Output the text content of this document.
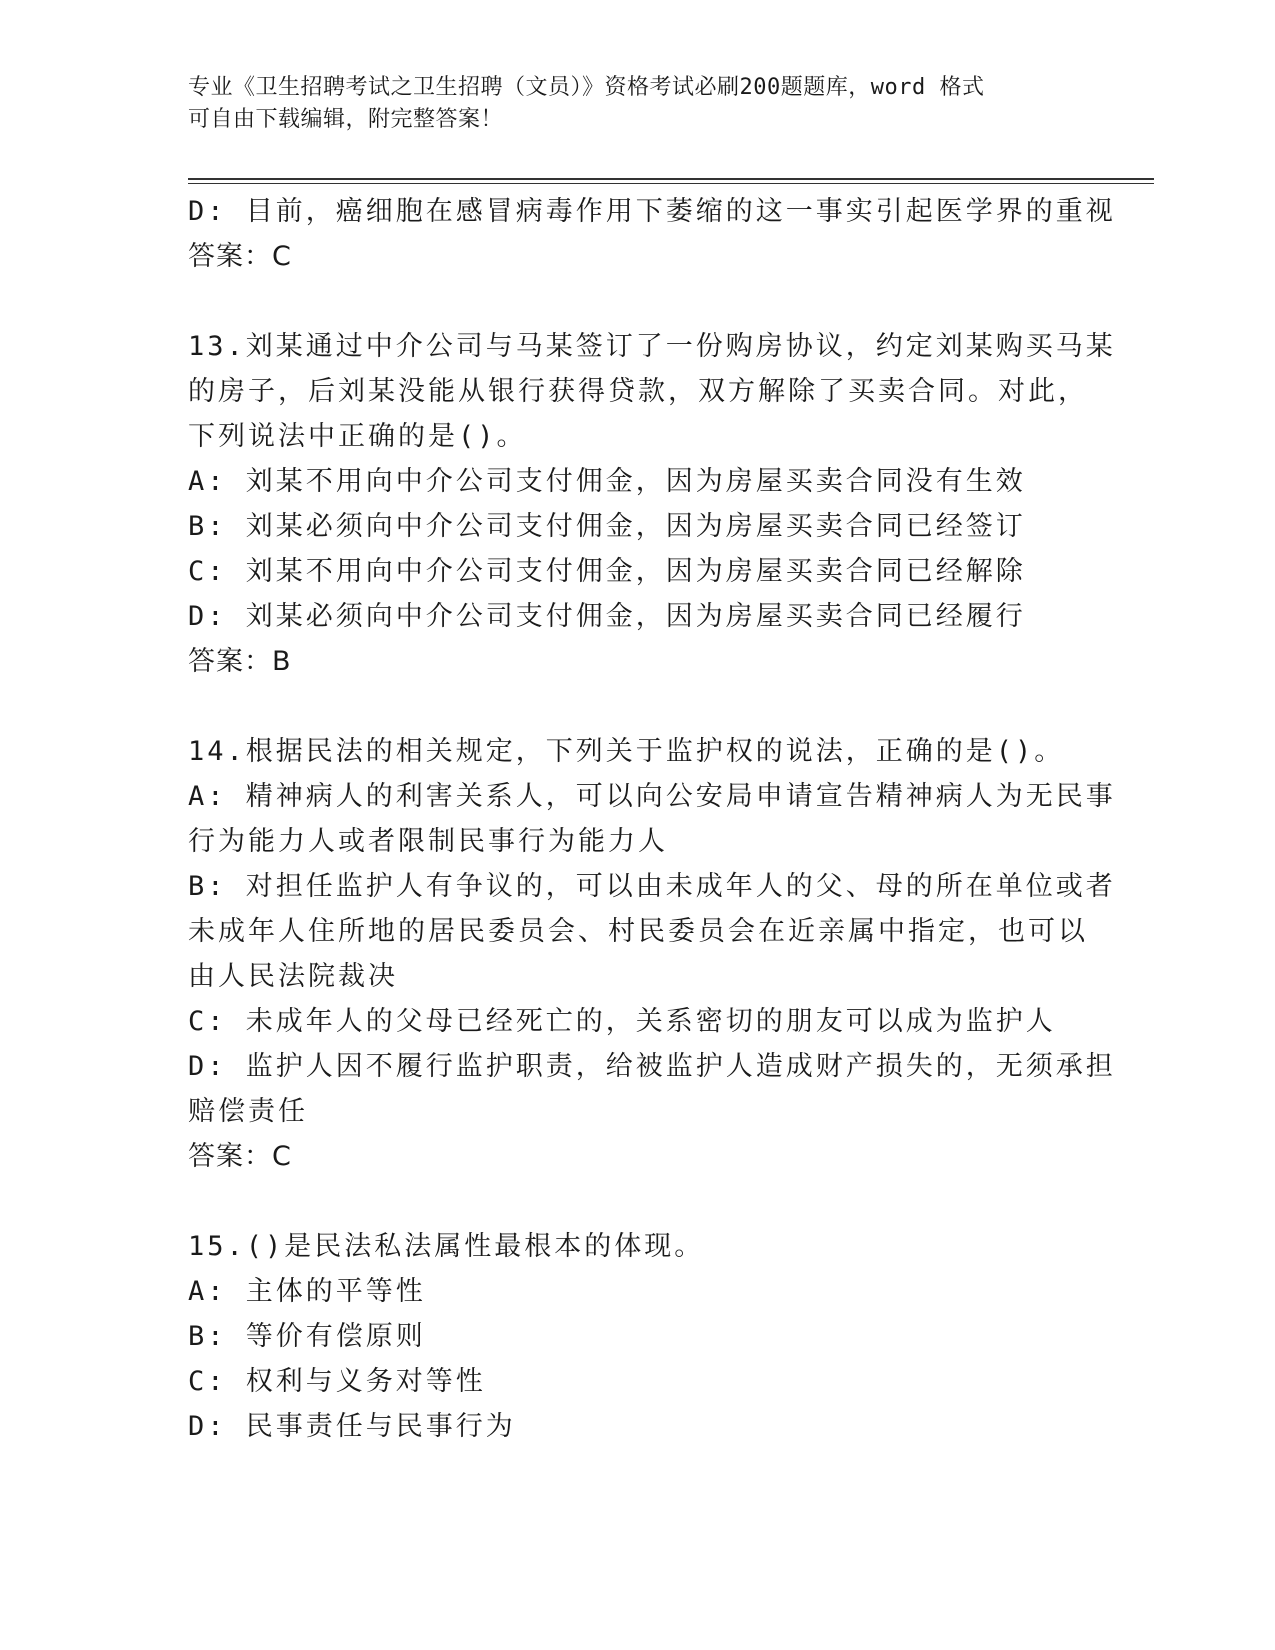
专业《卫生招聘考试之卫生招聘（文员）》资格考试必刷200题题库，word 格式
可自由下载编辑，附完整答案！
D: 目前，癌细胞在感冒病毒作用下萎缩的这一事实引起医学界的重视
答案：C
13.刘某通过中介公司与马某签订了一份购房协议，约定刘某购买马某
的房子，后刘某没能从银行获得贷款，双方解除了买卖合同。对此，
下列说法中正确的是()。
A: 刘某不用向中介公司支付佣金，因为房屋买卖合同没有生效
B: 刘某必须向中介公司支付佣金，因为房屋买卖合同已经签订
C: 刘某不用向中介公司支付佣金，因为房屋买卖合同已经解除
D: 刘某必须向中介公司支付佣金，因为房屋买卖合同已经履行
答案：B
14.根据民法的相关规定，下列关于监护权的说法，正确的是()。
A: 精神病人的利害关系人，可以向公安局申请宣告精神病人为无民事
行为能力人或者限制民事行为能力人
B: 对担任监护人有争议的，可以由未成年人的父、母的所在单位或者
未成年人住所地的居民委员会、村民委员会在近亲属中指定，也可以
由人民法院裁决
C: 未成年人的父母已经死亡的，关系密切的朋友可以成为监护人
D: 监护人因不履行监护职责，给被监护人造成财产损失的，无须承担
赔偿责任
答案：C
15.()是民法私法属性最根本的体现。
A: 主体的平等性
B: 等价有偿原则
C: 权利与义务对等性
D: 民事责任与民事行为
